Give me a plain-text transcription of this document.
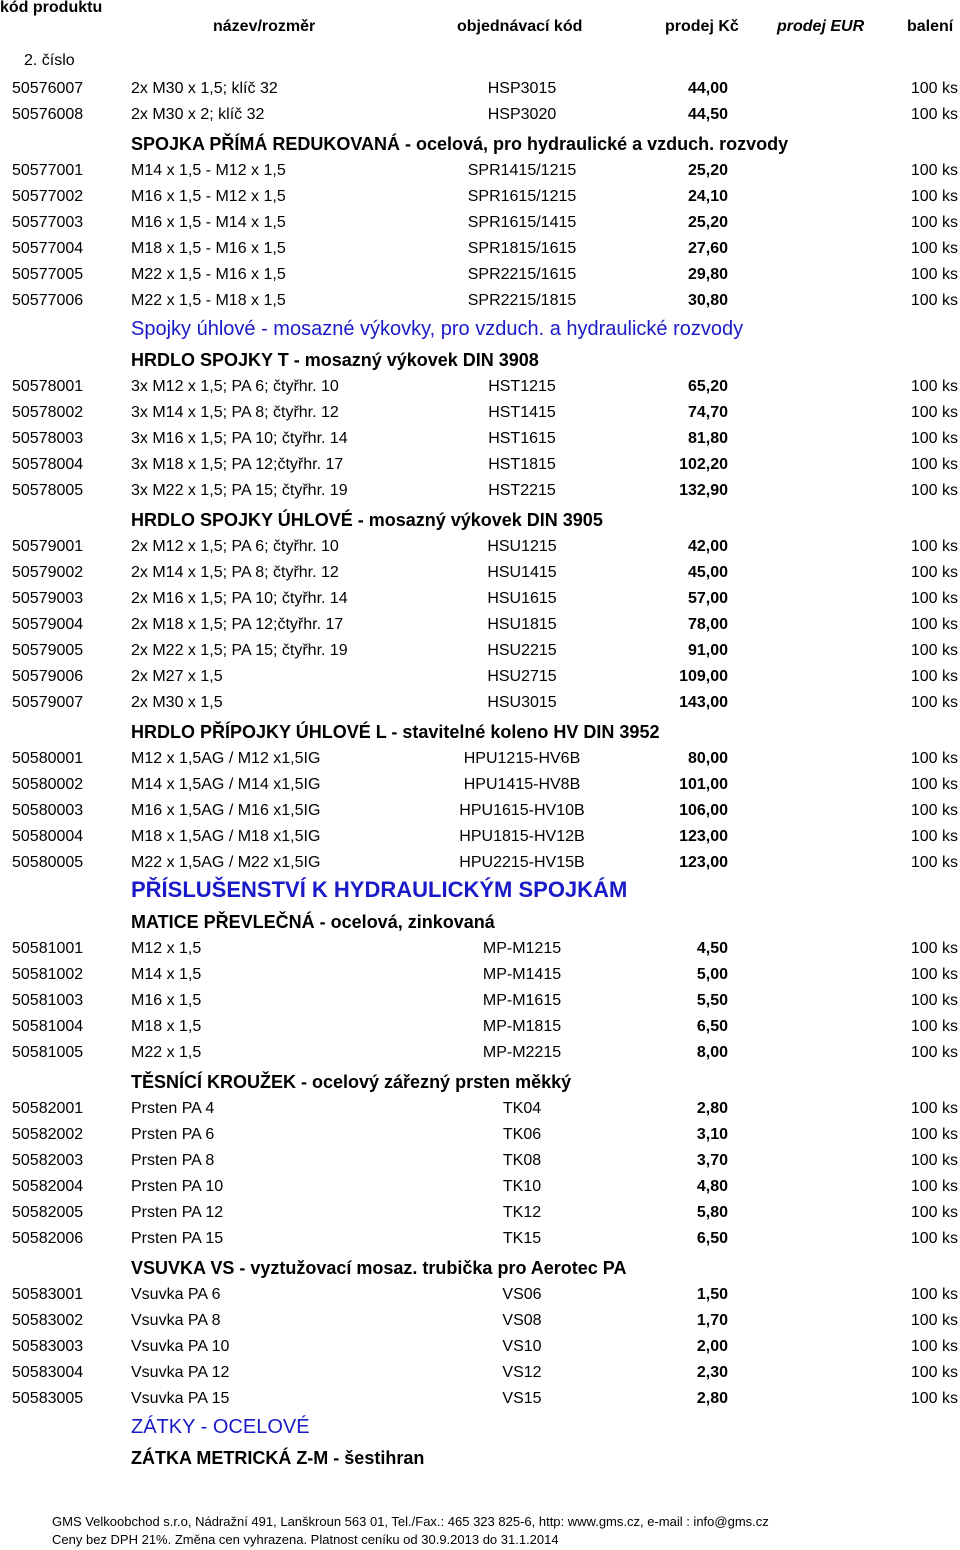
kód produktu
název/rozměr	objednávací kód	prodej Kč prodej EUR	balení
2. číslo
50576007	2x M30 x 1,5; klíč 32	HSP3015	44,00	100 ks
50576008	2x M30 x 2; klíč 32	HSP3020	44,50	100 ks
SPOJKA PŘÍMÁ REDUKOVANÁ - ocelová, pro hydraulické a vzduch. rozvody
50577001	M14 x 1,5 - M12 x 1,5	SPR1415/1215	25,20	100 ks
50577002	M16 x 1,5 - M12 x 1,5	SPR1615/1215	24,10	100 ks
50577003	M16 x 1,5 - M14 x 1,5	SPR1615/1415	25,20	100 ks
50577004	M18 x 1,5 - M16 x 1,5	SPR1815/1615	27,60	100 ks
50577005	M22 x 1,5 - M16 x 1,5	SPR2215/1615	29,80	100 ks
50577006	M22 x 1,5 - M18 x 1,5	SPR2215/1815	30,80	100 ks
Spojky úhlové - mosazné výkovky, pro vzduch. a hydraulické rozvody
HRDLO SPOJKY T - mosazný výkovek DIN 3908
50578001	3x M12 x 1,5; PA 6; čtyřhr. 10	HST1215	65,20	100 ks
50578002	3x M14 x 1,5; PA 8; čtyřhr. 12	HST1415	74,70	100 ks
50578003	3x M16 x 1,5; PA 10; čtyřhr. 14	HST1615	81,80	100 ks
50578004	3x M18 x 1,5; PA 12;čtyřhr. 17	HST1815	102,20	100 ks
50578005	3x M22 x 1,5; PA 15; čtyřhr. 19	HST2215	132,90	100 ks
HRDLO SPOJKY ÚHLOVÉ - mosazný výkovek DIN 3905
50579001	2x M12 x 1,5; PA 6; čtyřhr. 10	HSU1215	42,00	100 ks
50579002	2x M14 x 1,5; PA 8; čtyřhr. 12	HSU1415	45,00	100 ks
50579003	2x M16 x 1,5; PA 10; čtyřhr. 14	HSU1615	57,00	100 ks
50579004	2x M18 x 1,5; PA 12;čtyřhr. 17	HSU1815	78,00	100 ks
50579005	2x M22 x 1,5; PA 15; čtyřhr. 19	HSU2215	91,00	100 ks
50579006	2x M27 x 1,5	HSU2715	109,00	100 ks
50579007	2x M30 x 1,5	HSU3015	143,00	100 ks
HRDLO PŘÍPOJKY ÚHLOVÉ L - stavitelné koleno HV DIN 3952
50580001	M12 x 1,5AG / M12 x1,5IG	HPU1215-HV6B	80,00	100 ks
50580002	M14 x 1,5AG / M14 x1,5IG	HPU1415-HV8B	101,00	100 ks
50580003	M16 x 1,5AG / M16 x1,5IG	HPU1615-HV10B	106,00	100 ks
50580004	M18 x 1,5AG / M18 x1,5IG	HPU1815-HV12B	123,00	100 ks
50580005	M22 x 1,5AG / M22 x1,5IG	HPU2215-HV15B	123,00	100 ks
PŘÍSLUŠENSTVÍ K HYDRAULICKÝM SPOJKÁM
MATICE PŘEVLEČNÁ - ocelová, zinkovaná
50581001	M12 x 1,5	MP-M1215	4,50	100 ks
50581002	M14 x 1,5	MP-M1415	5,00	100 ks
50581003	M16 x 1,5	MP-M1615	5,50	100 ks
50581004	M18 x 1,5	MP-M1815	6,50	100 ks
50581005	M22 x 1,5	MP-M2215	8,00	100 ks
TĚSNÍCÍ KROUŽEK - ocelový zářezný prsten měkký
50582001	Prsten PA 4	TK04	2,80	100 ks
50582002	Prsten PA 6	TK06	3,10	100 ks
50582003	Prsten PA 8	TK08	3,70	100 ks
50582004	Prsten PA 10	TK10	4,80	100 ks
50582005	Prsten PA 12	TK12	5,80	100 ks
50582006	Prsten PA 15	TK15	6,50	100 ks
VSUVKA VS - vyztužovací mosaz. trubička pro Aerotec PA
50583001	Vsuvka PA 6	VS06	1,50	100 ks
50583002	Vsuvka PA 8	VS08	1,70	100 ks
50583003	Vsuvka PA 10	VS10	2,00	100 ks
50583004	Vsuvka PA 12	VS12	2,30	100 ks
50583005	Vsuvka PA 15	VS15	2,80	100 ks
ZÁTKY - OCELOVÉ
ZÁTKA METRICKÁ Z-M - šestihran
GMS Velkoobchod s.r.o, Nádražní 491, Lanškroun 563 01, Tel./Fax.: 465 323 825-6, http: www.gms.cz, e-mail : info@gms.cz
Ceny bez DPH 21%. Změna cen vyhrazena. Platnost ceníku od 30.9.2013 do 31.1.2014
